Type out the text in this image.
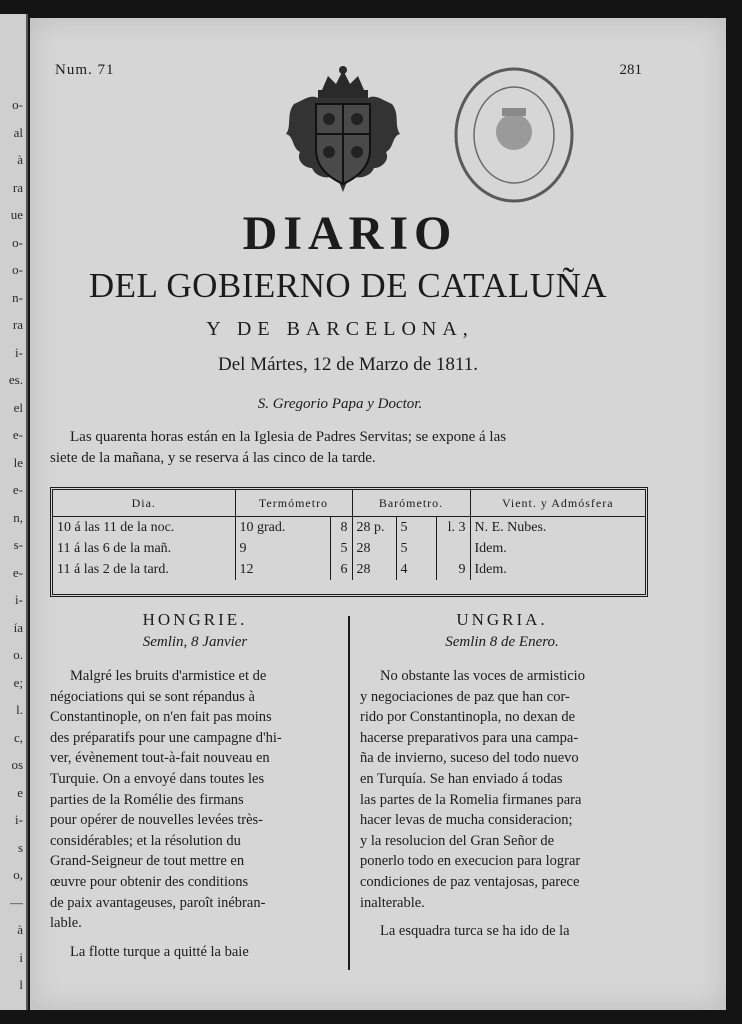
o-
al
à
ra
ue
o-
o-
n-
ra
i-
es.
el
e-
le
e-
n,
s-
e-
i-
ía
o.
e;
l.
c,
os
e
i-
s
o,
—
à
i
l
Num. 71	281
DIARIO
DEL GOBIERNO DE CATALUÑA
Y DE BARCELONA,
Del Mártes, 12 de Marzo de 1811.
S. Gregorio Papa y Doctor.
Las quarenta horas están en la Iglesia de Padres Servitas; se expone á las
siete de la mañana, y se reserva á las cinco de la tarde.
Dia.	Termómetro		Barómetro.			Vient. y Admósfera
10 á las 11 de la noc.	10 grad.	8	28 p.	5	l. 3	N. E. Nubes.
11 á las 6 de la mañ.	9	5	28	5		Idem.
11 á las 2 de la tard.	12	6	28	4	9	Idem.
HONGRIE.
Semlin, 8 Janvier
Malgré les bruits d'armistice et de
négociations qui se sont répandus à
Constantinople, on n'en fait pas moins
des préparatifs pour une campagne d'hi-
ver, évènement tout-à-fait nouveau en
Turquie. On a envoyé dans toutes les
parties de la Romélie des firmans
pour opérer de nouvelles levées très-
considérables; et la résolution du
Grand-Seigneur de tout mettre en
œuvre pour obtenir des conditions
de paix avantageuses, paroît inébran-
lable.
La flotte turque a quitté la baie
UNGRIA.
Semlin 8 de Enero.
No obstante las voces de armisticio
y negociaciones de paz que han cor-
rido por Constantinopla, no dexan de
hacerse preparativos para una campa-
ña de invierno, suceso del todo nuevo
en Turquía. Se han enviado á todas
las partes de la Romelia firmanes para
hacer levas de mucha consideracion;
y la resolucion del Gran Señor de
ponerlo todo en execucion para lograr
condiciones de paz ventajosas, parece
inalterable.
La esquadra turca se ha ido de la
